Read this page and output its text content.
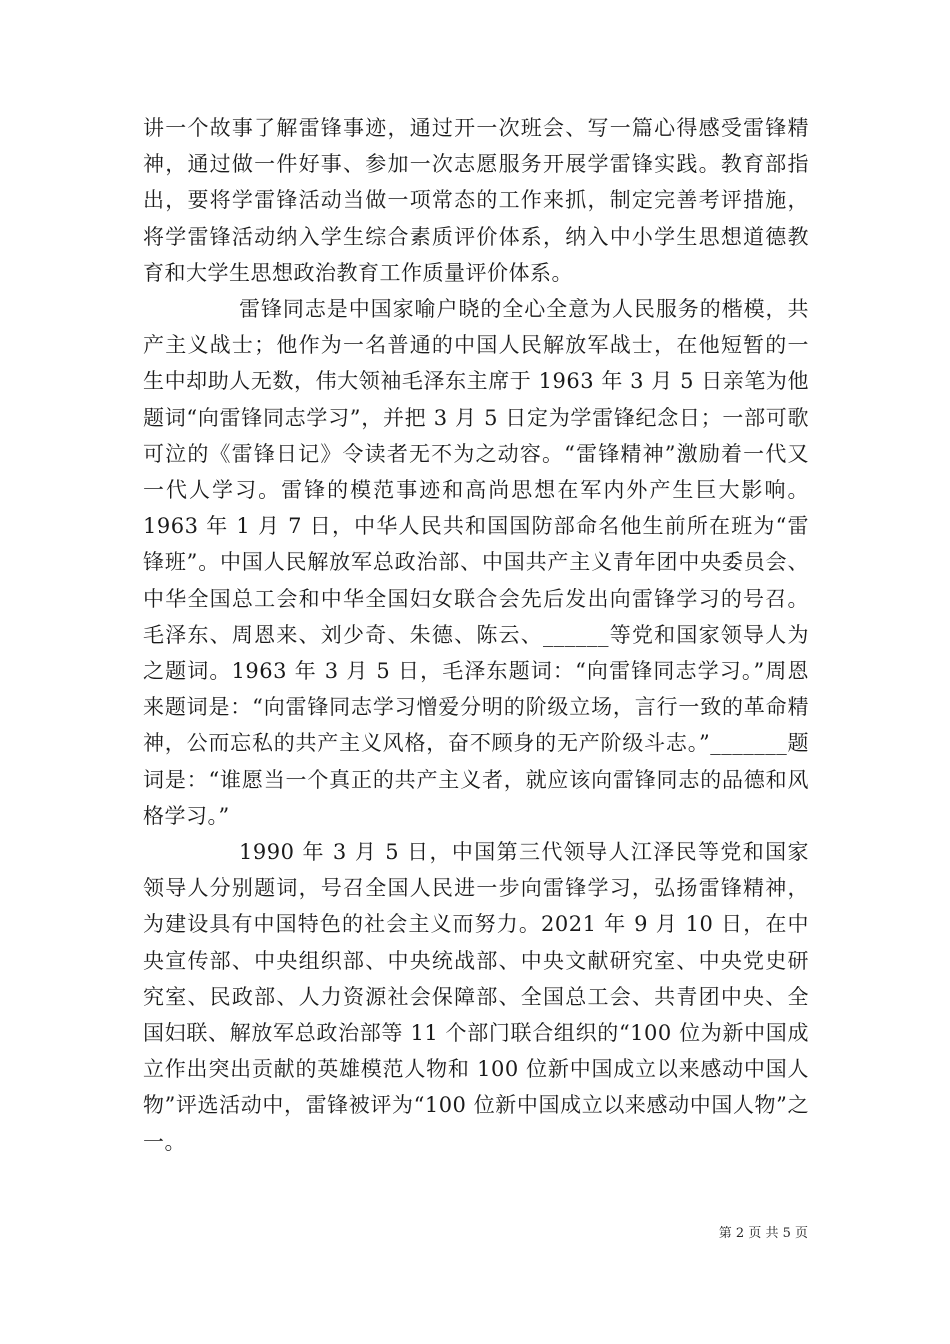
讲一个故事了解雷锋事迹，通过开一次班会、写一篇心得感受雷锋精神，通过做一件好事、参加一次志愿服务开展学雷锋实践。教育部指出，要将学雷锋活动当做一项常态的工作来抓，制定完善考评措施，将学雷锋活动纳入学生综合素质评价体系，纳入中小学生思想道德教育和大学生思想政治教育工作质量评价体系。

雷锋同志是中国家喻户晓的全心全意为人民服务的楷模，共产主义战士；他作为一名普通的中国人民解放军战士，在他短暂的一生中却助人无数，伟大领袖毛泽东主席于 1963 年 3 月 5 日亲笔为他题词“向雷锋同志学习”，并把 3 月 5 日定为学雷锋纪念日；一部可歌可泣的《雷锋日记》令读者无不为之动容。“雷锋精神”激励着一代又一代人学习。雷锋的模范事迹和高尚思想在军内外产生巨大影响。1963 年 1 月 7 日，中华人民共和国国防部命名他生前所在班为“雷锋班”。中国人民解放军总政治部、中国共产主义青年团中央委员会、中华全国总工会和中华全国妇女联合会先后发出向雷锋学习的号召。毛泽东、周恩来、刘少奇、朱德、陈云、______等党和国家领导人为之题词。1963 年 3 月 5 日，毛泽东题词：“向雷锋同志学习。”周恩来题词是：“向雷锋同志学习憎爱分明的阶级立场，言行一致的革命精神，公而忘私的共产主义风格，奋不顾身的无产阶级斗志。”_______题词是：“谁愿当一个真正的共产主义者，就应该向雷锋同志的品德和风格学习。”

1990 年 3 月 5 日，中国第三代领导人江泽民等党和国家领导人分别题词，号召全国人民进一步向雷锋学习，弘扬雷锋精神，为建设具有中国特色的社会主义而努力。2021 年 9 月 10 日，在中央宣传部、中央组织部、中央统战部、中央文献研究室、中央党史研究室、民政部、人力资源社会保障部、全国总工会、共青团中央、全国妇联、解放军总政治部等 11 个部门联合组织的“100 位为新中国成立作出突出贡献的英雄模范人物和 100 位新中国成立以来感动中国人物”评选活动中，雷锋被评为“100 位新中国成立以来感动中国人物”之一。

第 2 页 共 5 页
